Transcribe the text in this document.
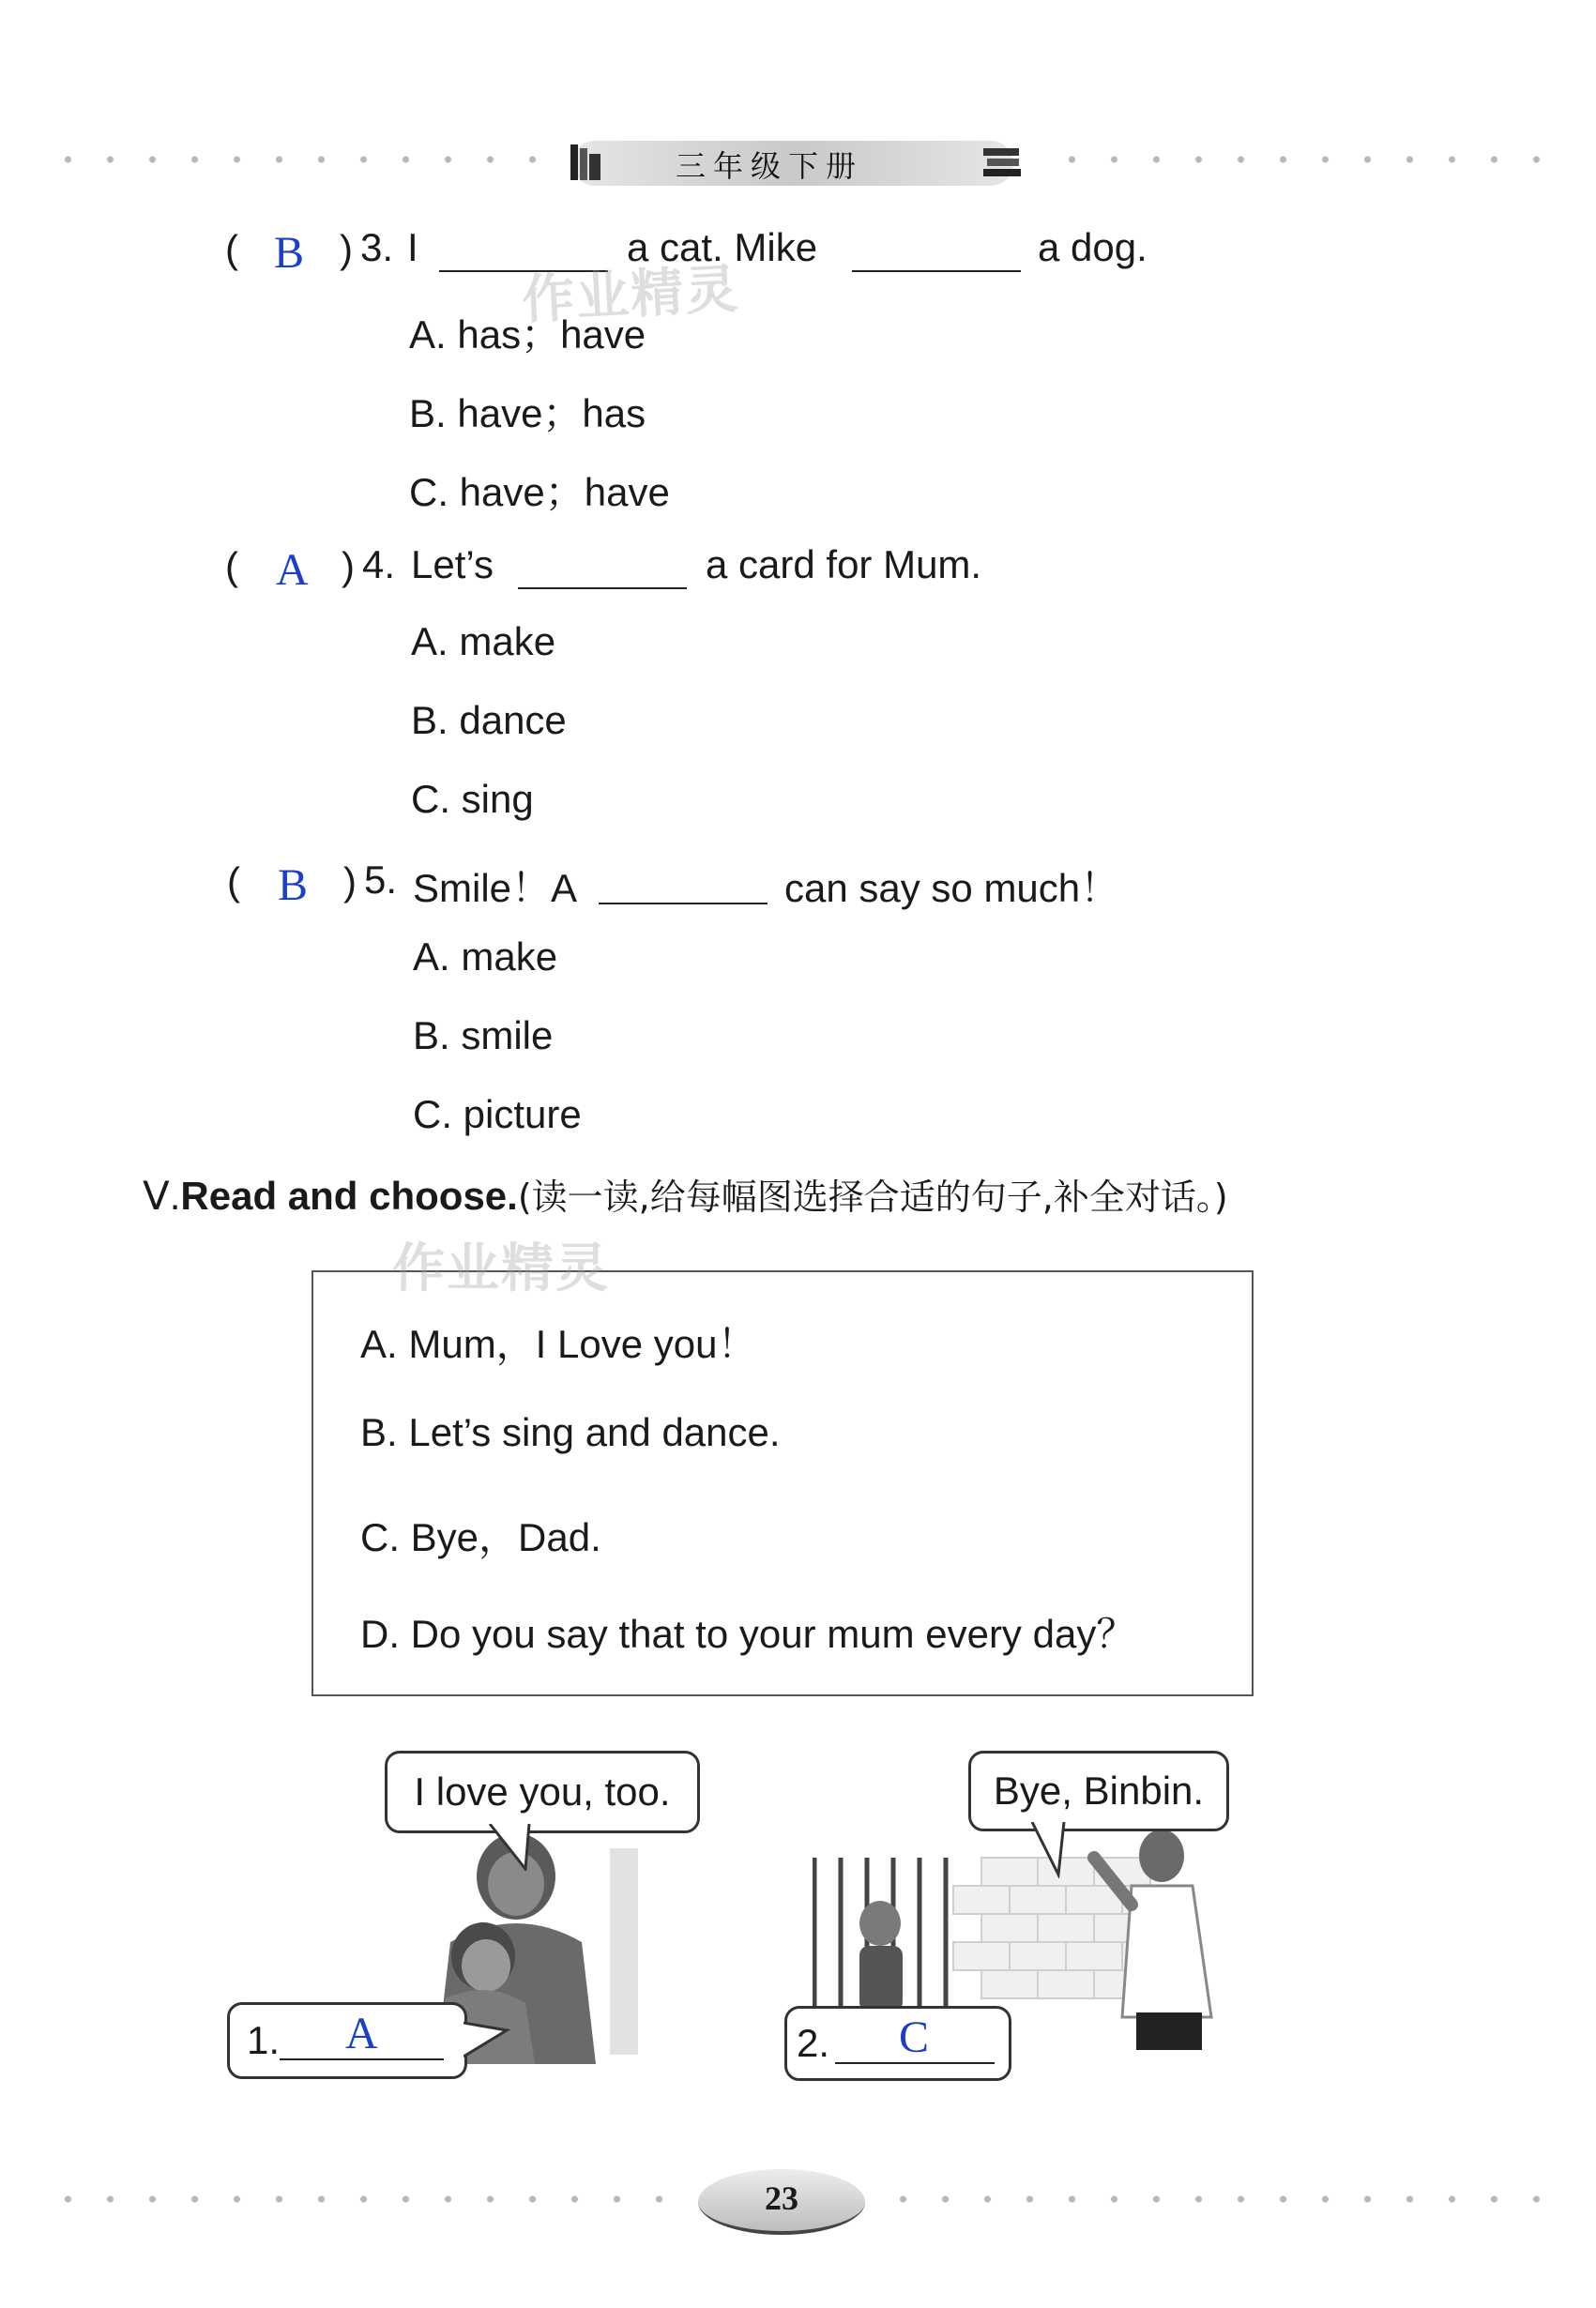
三年级下册
( B ) 3. I	a cat. Mike	a dog.
A. has；have
B. have；has
C. have；have
( A ) 4. Let’s	a card for Mum.
A. make
B. dance
C. sing
( B ) 5. Smile！A	can say so much！
A. make
B. smile
C. picture
Ⅴ.Read and choose.(读一读,给每幅图选择合适的句子,补全对话。)
A. Mum，I Love you！
B. Let’s sing and dance.
C. Bye，Dad.
D. Do you say that to your mum every day？
I love you, too.
1. A
Bye, Binbin.
2. C
作业精灵
作业精灵
23
